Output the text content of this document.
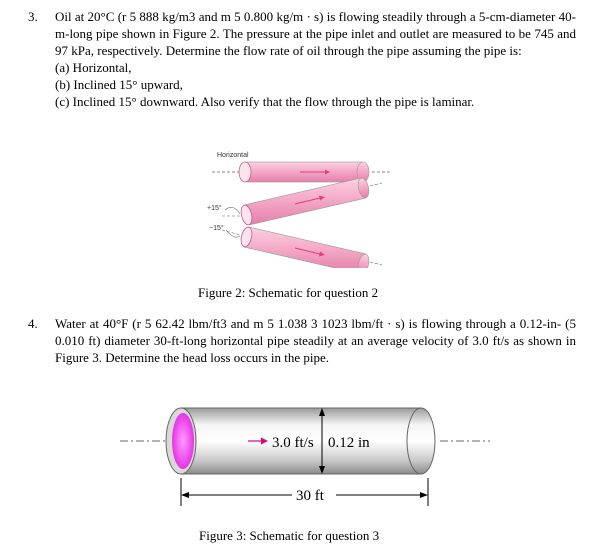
3.	Oil at 20°C (r 5 888 kg/m3 and m 5 0.800 kg/m · s) is flowing steadily through a 5-cm-diameter 40-m-long pipe shown in Figure 2. The pressure at the pipe inlet and outlet are measured to be 745 and 97 kPa, respectively. Determine the flow rate of oil through the pipe assuming the pipe is:

(a) Horizontal,

(b) Inclined 15° upward,

(c) Inclined 15° downward. Also verify that the flow through the pipe is laminar.

Horizontal
+15°
−15°
Figure 2: Schematic for question 2
4.	Water at 40°F (r 5 62.42 lbm/ft3 and m 5 1.038 3 1023 lbm/ft · s) is flowing through a 0.12-in- (5 0.010 ft) diameter 30-ft-long horizontal pipe steadily at an average velocity of 3.0 ft/s as shown in Figure 3. Determine the head loss occurs in the pipe.

3.0 ft/s 0.12 in
30 ft
Figure 3: Schematic for question 3
